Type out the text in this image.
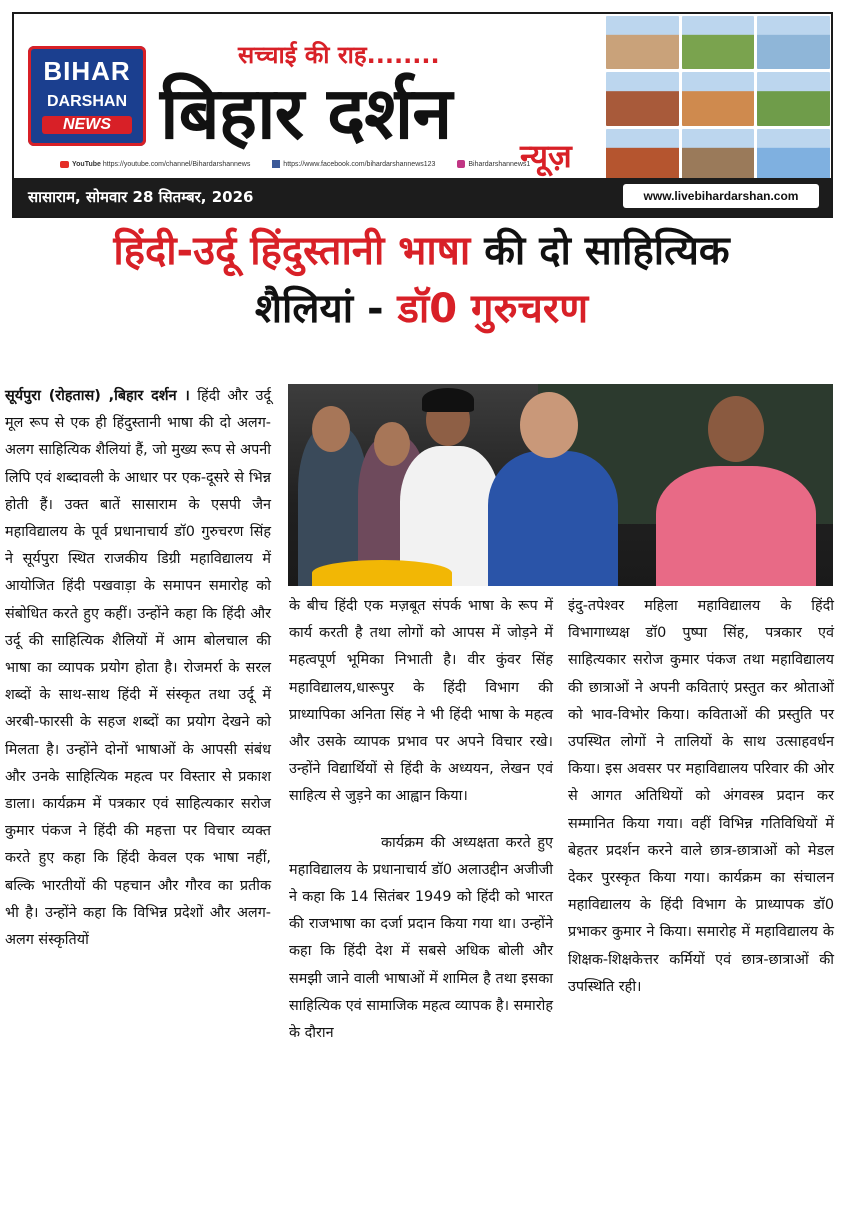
BIHAR
DARSHAN
NEWS
सच्चाई की राह........
बिहार दर्शन
न्यूज़
YouTube https://youtube.com/channel/Bihardarshannews	https://www.facebook.com/bihardarshannews123	Bihardarshannews1
सासाराम, सोमवार 28 सितम्बर, 2026	www.livebihardarshan.com
हिंदी-उर्दू हिंदुस्तानी भाषा की दो साहित्यिक
शैलियां - डॉ0 गुरुचरण

सूर्यपुरा (रोहतास) ,बिहार दर्शन । हिंदी और उर्दू मूल रूप से एक ही हिंदुस्तानी भाषा की दो अलग-अलग साहित्यिक शैलियां हैं, जो मुख्य रूप से अपनी लिपि एवं शब्दावली के आधार पर एक-दूसरे से भिन्न होती हैं। उक्त बातें सासाराम के एसपी जैन महाविद्यालय के पूर्व प्रधानाचार्य डॉ0 गुरुचरण सिंह ने सूर्यपुरा स्थित राजकीय डिग्री महाविद्यालय में आयोजित हिंदी पखवाड़ा के समापन समारोह को संबोधित करते हुए कहीं। उन्होंने कहा कि हिंदी और उर्दू की साहित्यिक शैलियों में आम बोलचाल की भाषा का व्यापक प्रयोग होता है। रोजमर्रा के सरल शब्दों के साथ-साथ हिंदी में संस्कृत तथा उर्दू में अरबी-फारसी के सहज शब्दों का प्रयोग देखने को मिलता है। उन्होंने दोनों भाषाओं के आपसी संबंध और उनके साहित्यिक महत्व पर विस्तार से प्रकाश डाला। कार्यक्रम में पत्रकार एवं साहित्यकार सरोज कुमार पंकज ने हिंदी की महत्ता पर विचार व्यक्त करते हुए कहा कि हिंदी केवल एक भाषा नहीं, बल्कि भारतीयों की पहचान और गौरव का प्रतीक भी है। उन्होंने कहा कि विभिन्न प्रदेशों और अलग-अलग संस्कृतियों

के बीच हिंदी एक मज़बूत संपर्क भाषा के रूप में कार्य करती है तथा लोगों को आपस में जोड़ने में महत्वपूर्ण भूमिका निभाती है। वीर कुंवर सिंह महाविद्यालय,धारूपुर के हिंदी विभाग की प्राध्यापिका अनिता सिंह ने भी हिंदी भाषा के महत्व और उसके व्यापक प्रभाव पर अपने विचार रखे। उन्होंने विद्यार्थियों से हिंदी के अध्ययन, लेखन एवं साहित्य से जुड़ने का आह्वान किया।

कार्यक्रम की अध्यक्षता करते हुए महाविद्यालय के प्रधानाचार्य डॉ0 अलाउद्दीन अजीजी ने कहा कि 14 सितंबर 1949 को हिंदी को भारत की राजभाषा का दर्जा प्रदान किया गया था। उन्होंने कहा कि हिंदी देश में सबसे अधिक बोली और समझी जाने वाली भाषाओं में शामिल है तथा इसका साहित्यिक एवं सामाजिक महत्व व्यापक है। समारोह के दौरान

इंदु-तपेश्वर महिला महाविद्यालय के हिंदी विभागाध्यक्ष डॉ0 पुष्पा सिंह, पत्रकार एवं साहित्यकार सरोज कुमार पंकज तथा महाविद्यालय की छात्राओं ने अपनी कविताएं प्रस्तुत कर श्रोताओं को भाव-विभोर किया। कविताओं की प्रस्तुति पर उपस्थित लोगों ने तालियों के साथ उत्साहवर्धन किया। इस अवसर पर महाविद्यालय परिवार की ओर से आगत अतिथियों को अंगवस्त्र प्रदान कर सम्मानित किया गया। वहीं विभिन्न गतिविधियों में बेहतर प्रदर्शन करने वाले छात्र-छात्राओं को मेडल देकर पुरस्कृत किया गया। कार्यक्रम का संचालन महाविद्यालय के हिंदी विभाग के प्राध्यापक डॉ0 प्रभाकर कुमार ने किया। समारोह में महाविद्यालय के शिक्षक-शिक्षकेत्तर कर्मियों एवं छात्र-छात्राओं की उपस्थिति रही।
